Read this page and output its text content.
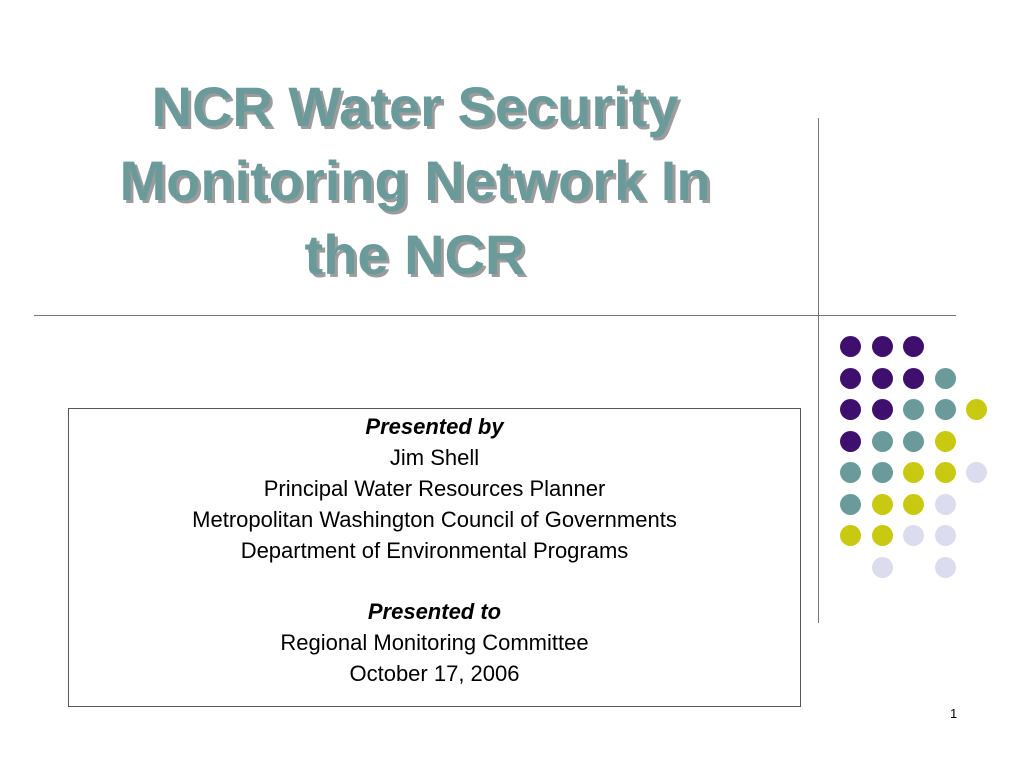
NCR Water Security
Monitoring Network In
the NCR
Presented by
Jim Shell
Principal Water Resources Planner
Metropolitan Washington Council of Governments
Department of Environmental Programs
Presented to
Regional Monitoring Committee
October 17, 2006
1
